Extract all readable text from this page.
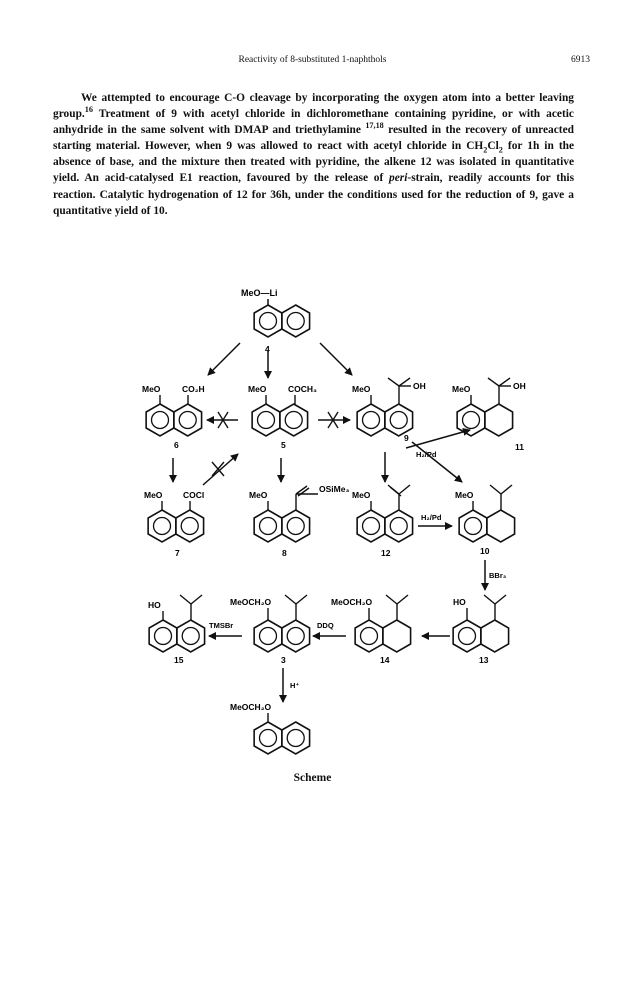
Reactivity of 8-substituted 1-naphthols	6913

We attempted to encourage C-O cleavage by incorporating the oxygen atom into a better leaving group.$^{16}$ Treatment of 9 with acetyl chloride in dichloromethane containing pyridine, or with acetic anhydride in the same solvent with DMAP and triethylamine $^{17,18}$ resulted in the recovery of unreacted starting material. However, when 9 was allowed to react with acetyl chloride in $CH_2Cl_2$ for 1h in the absence of base, and the mixture then treated with pyridine, the alkene 12 was isolated in quantitative yield. An acid-catalysed E1 reaction, favoured by the release of peri-strain, readily accounts for this reaction. Catalytic hydrogenation of 12 for 36h, under the conditions used for the reduction of 9, gave a quantitative yield of 10.

MeO—Li
4
MeO	CO₂H
6
MeO	COCH₃
5
MeO	OH
9
MeO	OH
11
H₂/Pd
MeO COCl
7
MeO
OSiMe₃
8
MeO
12
H₂/Pd
MeO
10
BBr₃
HO
15
TMSBr
MeOCH₂O
3
DDQ
MeOCH₂O
14
HO
13
H⁺
MeOCH₂O
Scheme
